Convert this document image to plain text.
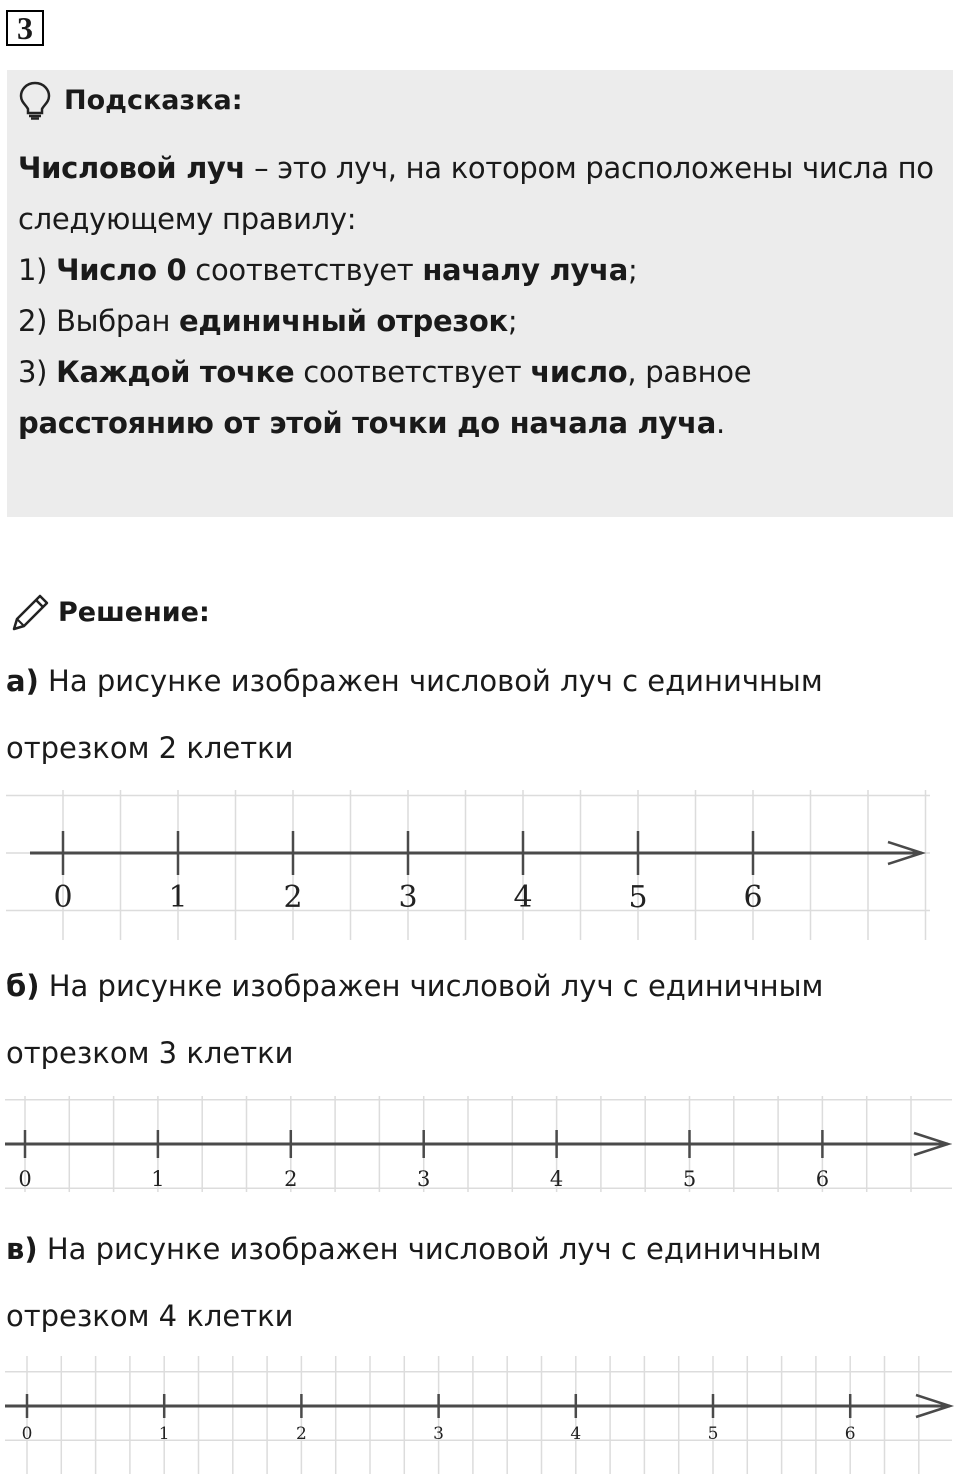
3
Подсказка:

Числовой луч – это луч, на котором расположены числа по следующему правилу:

1) Число 0 соответствует началу луча;

2) Выбран единичный отрезок;

3) Каждой точке соответствует число, равное расстоянию от этой точки до начала луча.

Решение:
а) На рисунке изображен числовой луч с единичным отрезком 2 клетки
0	1	2	3	4	5	6
б) На рисунке изображен числовой луч с единичным отрезком 3 клетки
0	1	2	3	4	5	6
в) На рисунке изображен числовой луч с единичным отрезком 4 клетки
0	1	2	3	4	5	6
